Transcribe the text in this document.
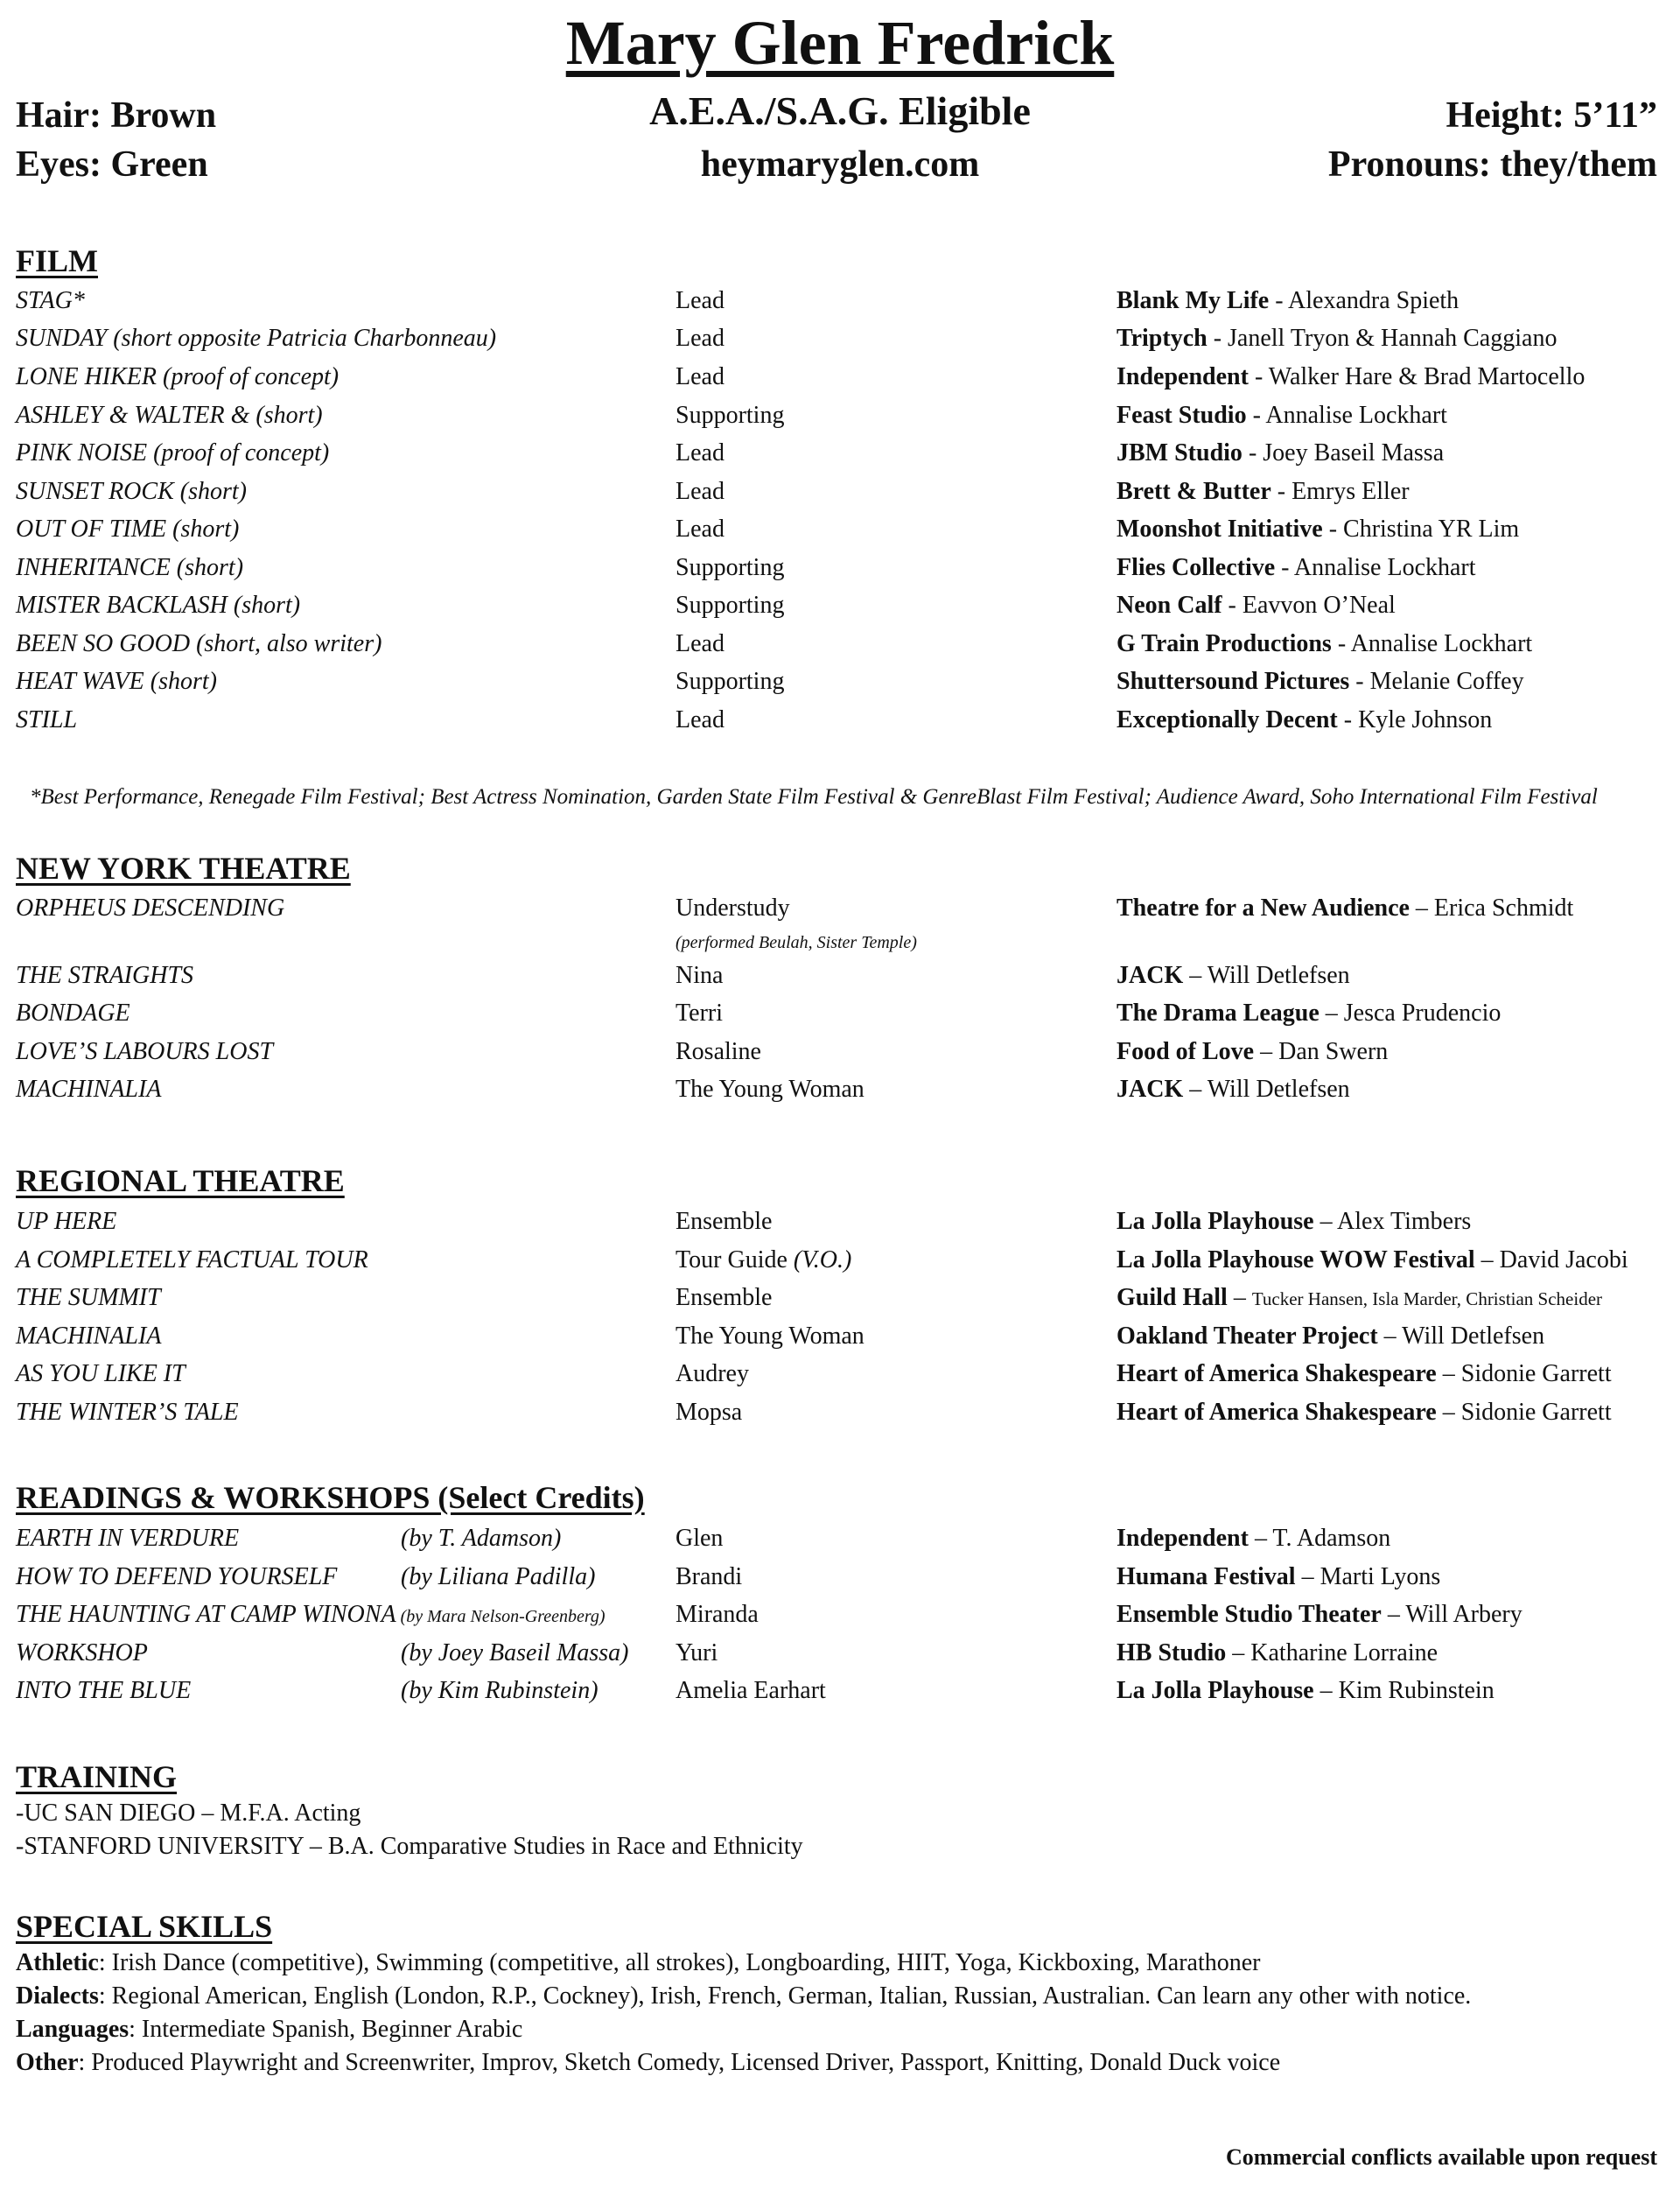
Mary Glen Fredrick
Hair: Brown
Eyes: Green
A.E.A./S.A.G. Eligible
heymaryglen.com
Height: 5’11”
Pronouns: they/them
FILM
STAG*	Lead	Blank My Life - Alexandra Spieth
SUNDAY (short opposite Patricia Charbonneau)	Lead	Triptych - Janell Tryon & Hannah Caggiano
LONE HIKER (proof of concept)	Lead	Independent - Walker Hare & Brad Martocello
ASHLEY & WALTER & (short)	Supporting	Feast Studio - Annalise Lockhart
PINK NOISE (proof of concept)	Lead	JBM Studio - Joey Baseil Massa
SUNSET ROCK (short)	Lead	Brett & Butter - Emrys Eller
OUT OF TIME (short)	Lead	Moonshot Initiative - Christina YR Lim
INHERITANCE (short)	Supporting	Flies Collective - Annalise Lockhart
MISTER BACKLASH (short)	Supporting	Neon Calf - Eavvon O’Neal
BEEN SO GOOD (short, also writer)	Lead	G Train Productions - Annalise Lockhart
HEAT WAVE (short)	Supporting	Shuttersound Pictures - Melanie Coffey
STILL	Lead	Exceptionally Decent - Kyle Johnson
*Best Performance, Renegade Film Festival; Best Actress Nomination, Garden State Film Festival & GenreBlast Film Festival; Audience Award, Soho International Film Festival
NEW YORK THEATRE
ORPHEUS DESCENDING	Understudy	Theatre for a New Audience – Erica Schmidt
(performed Beulah, Sister Temple)
THE STRAIGHTS	Nina	JACK – Will Detlefsen
BONDAGE	Terri	The Drama League – Jesca Prudencio
LOVE’S LABOURS LOST	Rosaline	Food of Love – Dan Swern
MACHINALIA	The Young Woman	JACK – Will Detlefsen
REGIONAL THEATRE
UP HERE	Ensemble	La Jolla Playhouse – Alex Timbers
A COMPLETELY FACTUAL TOUR	Tour Guide (V.O.)	La Jolla Playhouse WOW Festival – David Jacobi
THE SUMMIT	Ensemble	Guild Hall – Tucker Hansen, Isla Marder, Christian Scheider
MACHINALIA	The Young Woman	Oakland Theater Project – Will Detlefsen
AS YOU LIKE IT	Audrey	Heart of America Shakespeare – Sidonie Garrett
THE WINTER’S TALE	Mopsa	Heart of America Shakespeare – Sidonie Garrett
READINGS & WORKSHOPS (Select Credits)
EARTH IN VERDURE	(by T. Adamson)	Glen	Independent – T. Adamson
HOW TO DEFEND YOURSELF	(by Liliana Padilla)	Brandi	Humana Festival – Marti Lyons
THE HAUNTING AT CAMP WINONA (by Mara Nelson-Greenberg)	Miranda	Ensemble Studio Theater – Will Arbery
WORKSHOP	(by Joey Baseil Massa) Yuri	HB Studio – Katharine Lorraine
INTO THE BLUE	(by Kim Rubinstein)	Amelia Earhart	La Jolla Playhouse – Kim Rubinstein
TRAINING
-UC SAN DIEGO – M.F.A. Acting
-STANFORD UNIVERSITY – B.A. Comparative Studies in Race and Ethnicity
SPECIAL SKILLS
Athletic: Irish Dance (competitive), Swimming (competitive, all strokes), Longboarding, HIIT, Yoga, Kickboxing, Marathoner
Dialects: Regional American, English (London, R.P., Cockney), Irish, French, German, Italian, Russian, Australian. Can learn any other with notice.
Languages: Intermediate Spanish, Beginner Arabic
Other: Produced Playwright and Screenwriter, Improv, Sketch Comedy, Licensed Driver, Passport, Knitting, Donald Duck voice
Commercial conflicts available upon request
